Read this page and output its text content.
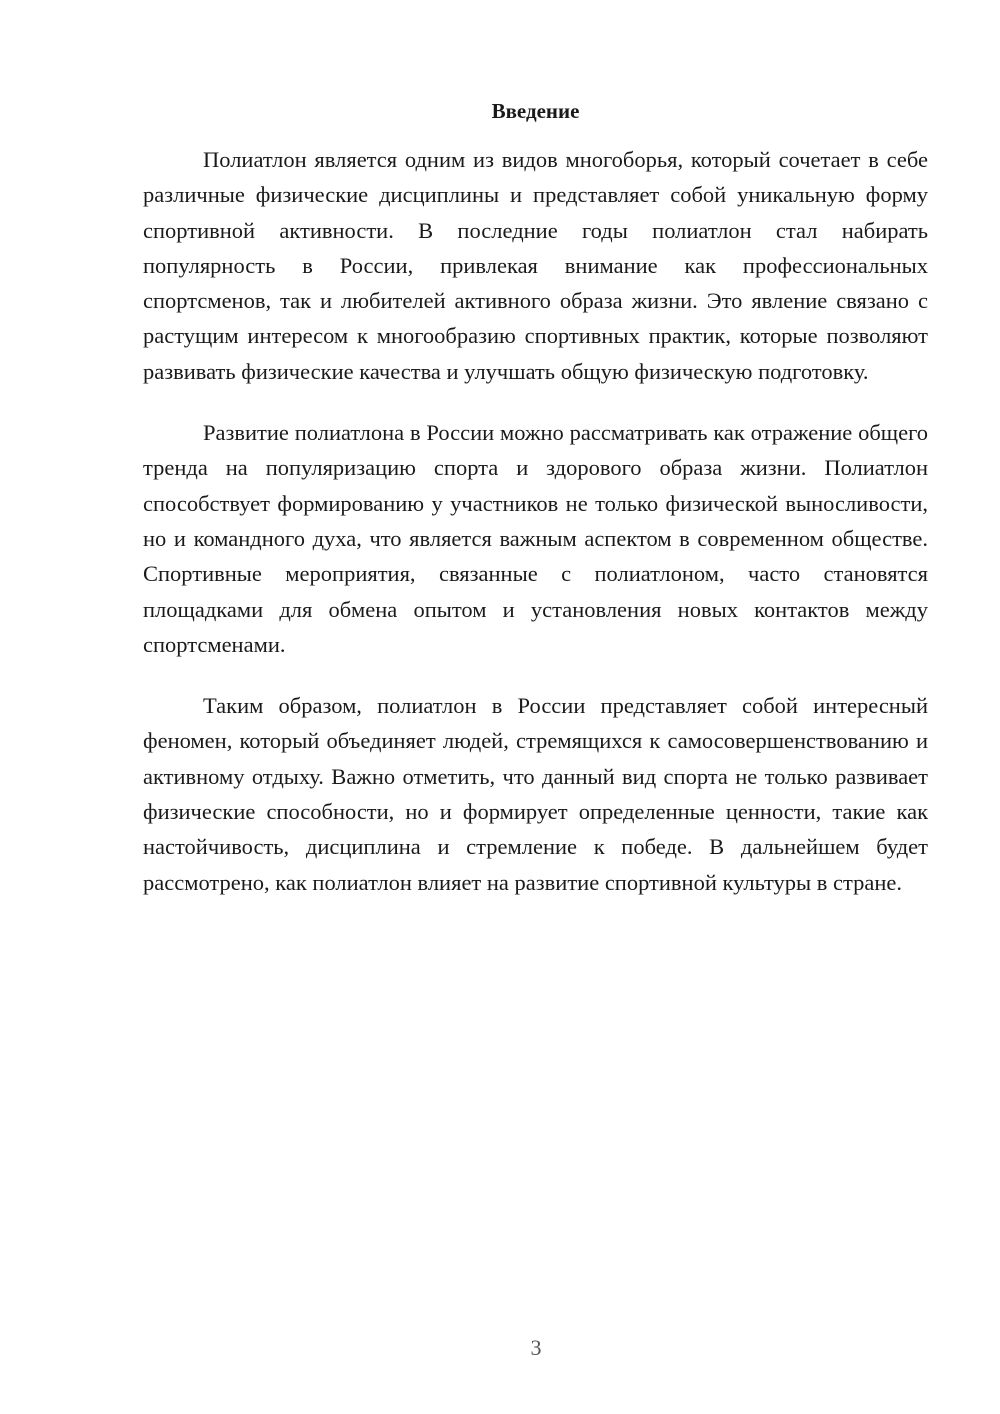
Введение

Полиатлон является одним из видов многоборья, который сочетает в себе различные физические дисциплины и представляет собой уникальную форму спортивной активности. В последние годы полиатлон стал набирать популярность в России, привлекая внимание как профессиональных спортсменов, так и любителей активного образа жизни. Это явление связано с растущим интересом к многообразию спортивных практик, которые позволяют развивать физические качества и улучшать общую физическую подготовку.

Развитие полиатлона в России можно рассматривать как отражение общего тренда на популяризацию спорта и здорового образа жизни. Полиатлон способствует формированию у участников не только физической выносливости, но и командного духа, что является важным аспектом в современном обществе. Спортивные мероприятия, связанные с полиатлоном, часто становятся площадками для обмена опытом и установления новых контактов между спортсменами.

Таким образом, полиатлон в России представляет собой интересный феномен, который объединяет людей, стремящихся к самосовершенствованию и активному отдыху. Важно отметить, что данный вид спорта не только развивает физические способности, но и формирует определенные ценности, такие как настойчивость, дисциплина и стремление к победе. В дальнейшем будет рассмотрено, как полиатлон влияет на развитие спортивной культуры в стране.

3
